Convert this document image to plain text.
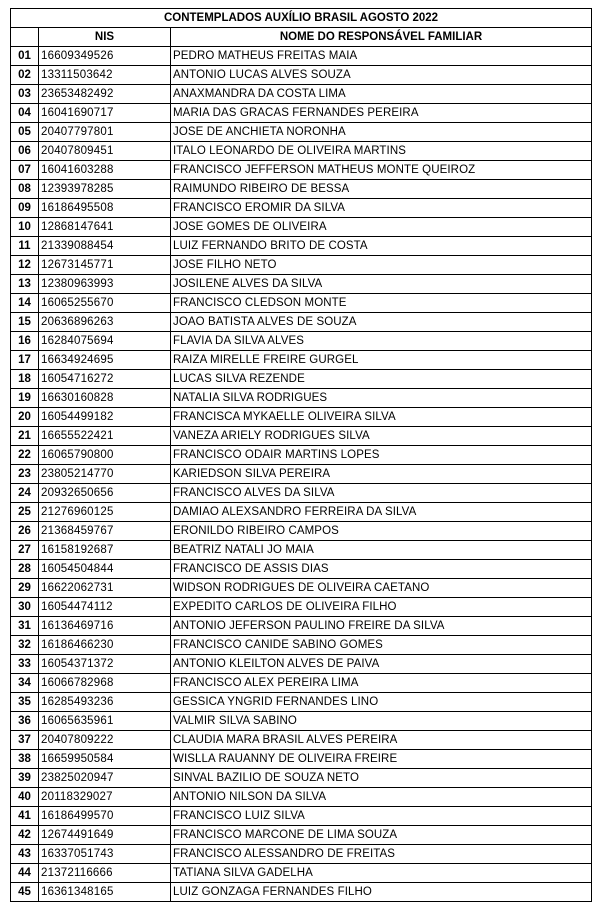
CONTEMPLADOS AUXÍLIO BRASIL AGOSTO 2022		
	NIS	NOME DO RESPONSÁVEL FAMILIAR
01	16609349526	PEDRO MATHEUS FREITAS MAIA
02	13311503642	ANTONIO LUCAS ALVES SOUZA
03	23653482492	ANAXMANDRA DA COSTA LIMA
04	16041690717	MARIA DAS GRACAS FERNANDES PEREIRA
05	20407797801	JOSE DE ANCHIETA NORONHA
06	20407809451	ITALO LEONARDO DE OLIVEIRA MARTINS
07	16041603288	FRANCISCO JEFFERSON MATHEUS MONTE QUEIROZ
08	12393978285	RAIMUNDO RIBEIRO DE BESSA
09	16186495508	FRANCISCO EROMIR DA SILVA
10	12868147641	JOSE GOMES DE OLIVEIRA
11	21339088454	LUIZ FERNANDO BRITO DE COSTA
12	12673145771	JOSE FILHO NETO
13	12380963993	JOSILENE ALVES DA SILVA
14	16065255670	FRANCISCO CLEDSON MONTE
15	20636896263	JOAO BATISTA ALVES DE SOUZA
16	16284075694	FLAVIA DA SILVA ALVES
17	16634924695	RAIZA MIRELLE FREIRE GURGEL
18	16054716272	LUCAS SILVA REZENDE
19	16630160828	NATALIA SILVA RODRIGUES
20	16054499182	FRANCISCA MYKAELLE OLIVEIRA SILVA
21	16655522421	VANEZA ARIELY RODRIGUES SILVA
22	16065790800	FRANCISCO ODAIR MARTINS LOPES
23	23805214770	KARIEDSON SILVA PEREIRA
24	20932650656	FRANCISCO ALVES DA SILVA
25	21276960125	DAMIAO ALEXSANDRO FERREIRA DA SILVA
26	21368459767	ERONILDO RIBEIRO CAMPOS
27	16158192687	BEATRIZ NATALI JO MAIA
28	16054504844	FRANCISCO DE ASSIS DIAS
29	16622062731	WIDSON RODRIGUES DE OLIVEIRA CAETANO
30	16054474112	EXPEDITO CARLOS DE OLIVEIRA FILHO
31	16136469716	ANTONIO JEFERSON PAULINO FREIRE DA SILVA
32	16186466230	FRANCISCO CANIDE SABINO GOMES
33	16054371372	ANTONIO KLEILTON ALVES DE PAIVA
34	16066782968	FRANCISCO ALEX PEREIRA LIMA
35	16285493236	GESSICA YNGRID FERNANDES LINO
36	16065635961	VALMIR SILVA SABINO
37	20407809222	CLAUDIA MARA BRASIL ALVES PEREIRA
38	16659950584	WISLLA RAUANNY DE OLIVEIRA FREIRE
39	23825020947	SINVAL BAZILIO DE SOUZA NETO
40	20118329027	ANTONIO NILSON DA SILVA
41	16186499570	FRANCISCO LUIZ SILVA
42	12674491649	FRANCISCO MARCONE DE LIMA SOUZA
43	16337051743	FRANCISCO ALESSANDRO DE FREITAS
44	21372116666	TATIANA SILVA GADELHA
45	16361348165	LUIZ GONZAGA FERNANDES FILHO
